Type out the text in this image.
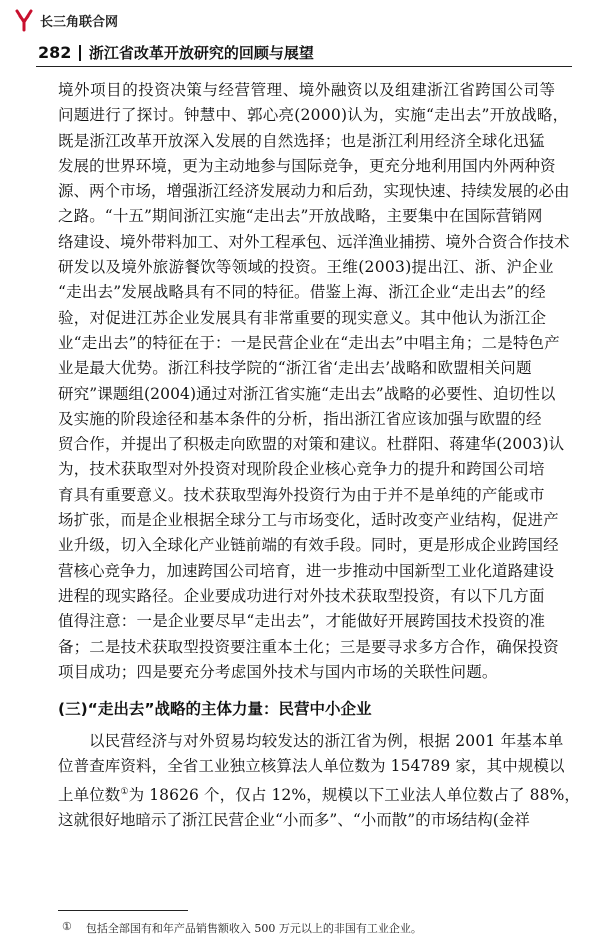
长三角联合网
282 浙江省改革开放研究的回顾与展望

境外项目的投资决策与经营管理、境外融资以及组建浙江省跨国公司等
问题进行了探讨。钟慧中、郭心亮(2000)认为，实施“走出去”开放战略，
既是浙江改革开放深入发展的自然选择；也是浙江利用经济全球化迅猛
发展的世界环境，更为主动地参与国际竞争，更充分地利用国内外两种资
源、两个市场，增强浙江经济发展动力和后劲，实现快速、持续发展的必由
之路。“十五”期间浙江实施“走出去”开放战略，主要集中在国际营销网
络建设、境外带料加工、对外工程承包、远洋渔业捕捞、境外合资合作技术
研发以及境外旅游餐饮等领域的投资。王维(2003)提出江、浙、沪企业
“走出去”发展战略具有不同的特征。借鉴上海、浙江企业“走出去”的经
验，对促进江苏企业发展具有非常重要的现实意义。其中他认为浙江企
业“走出去”的特征在于：一是民营企业在“走出去”中唱主角；二是特色产
业是最大优势。浙江科技学院的“浙江省‘走出去’战略和欧盟相关问题
研究”课题组(2004)通过对浙江省实施“走出去”战略的必要性、迫切性以
及实施的阶段途径和基本条件的分析，指出浙江省应该加强与欧盟的经
贸合作，并提出了积极走向欧盟的对策和建议。杜群阳、蒋建华(2003)认
为，技术获取型对外投资对现阶段企业核心竞争力的提升和跨国公司培
育具有重要意义。技术获取型海外投资行为由于并不是单纯的产能或市
场扩张，而是企业根据全球分工与市场变化，适时改变产业结构，促进产
业升级，切入全球化产业链前端的有效手段。同时，更是形成企业跨国经
营核心竞争力，加速跨国公司培育，进一步推动中国新型工业化道路建设
进程的现实路径。企业要成功进行对外技术获取型投资，有以下几方面
值得注意：一是企业要尽早“走出去”，才能做好开展跨国技术投资的准
备；二是技术获取型投资要注重本土化；三是要寻求多方合作，确保投资
项目成功；四是要充分考虑国外技术与国内市场的关联性问题。

(三)“走出去”战略的主体力量：民营中小企业

以民营经济与对外贸易均较发达的浙江省为例，根据 2001 年基本单
位普查库资料，全省工业独立核算法人单位数为 154789 家，其中规模以
上单位数①为 18626 个，仅占 12%，规模以下工业法人单位数占了 88%，
这就很好地暗示了浙江民营企业“小而多”、“小而散”的市场结构(金祥

① 包括全部国有和年产品销售额收入 500 万元以上的非国有工业企业。
